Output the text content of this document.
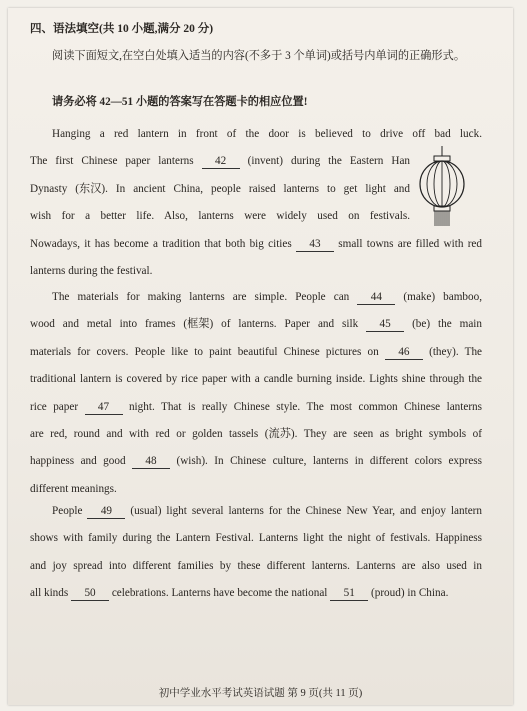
四、语法填空(共 10 小题,满分 20 分)
阅读下面短文,在空白处填入适当的内容(不多于 3 个单词)或括号内单词的正确形式。
请务必将 42—51 小题的答案写在答题卡的相应位置!
Hanging a red lantern in front of the door is believed to drive off bad luck.
The first Chinese paper lanterns 42 (invent) during the Eastern Han
Dynasty (东汉). In ancient China, people raised lanterns to get light and
wish for a better life. Also, lanterns were widely used on festivals.
Nowadays, it has become a tradition that both big cities 43 small towns are filled with red
lanterns during the festival.
The materials for making lanterns are simple. People can 44 (make) bamboo,
wood and metal into frames (框架) of lanterns. Paper and silk 45 (be) the main
materials for covers. People like to paint beautiful Chinese pictures on 46 (they). The
traditional lantern is covered by rice paper with a candle burning inside. Lights shine through the
rice paper 47 night. That is really Chinese style. The most common Chinese lanterns
are red, round and with red or golden tassels (流苏). They are seen as bright symbols of
happiness and good 48 (wish). In Chinese culture, lanterns in different colors express
different meanings.
People 49 (usual) light several lanterns for the Chinese New Year, and enjoy lantern
shows with family during the Lantern Festival. Lanterns light the night of festivals. Happiness
and joy spread into different families by these different lanterns. Lanterns are also used in
all kinds 50 celebrations. Lanterns have become the national 51 (proud) in China.
初中学业水平考试英语试题 第 9 页(共 11 页)
